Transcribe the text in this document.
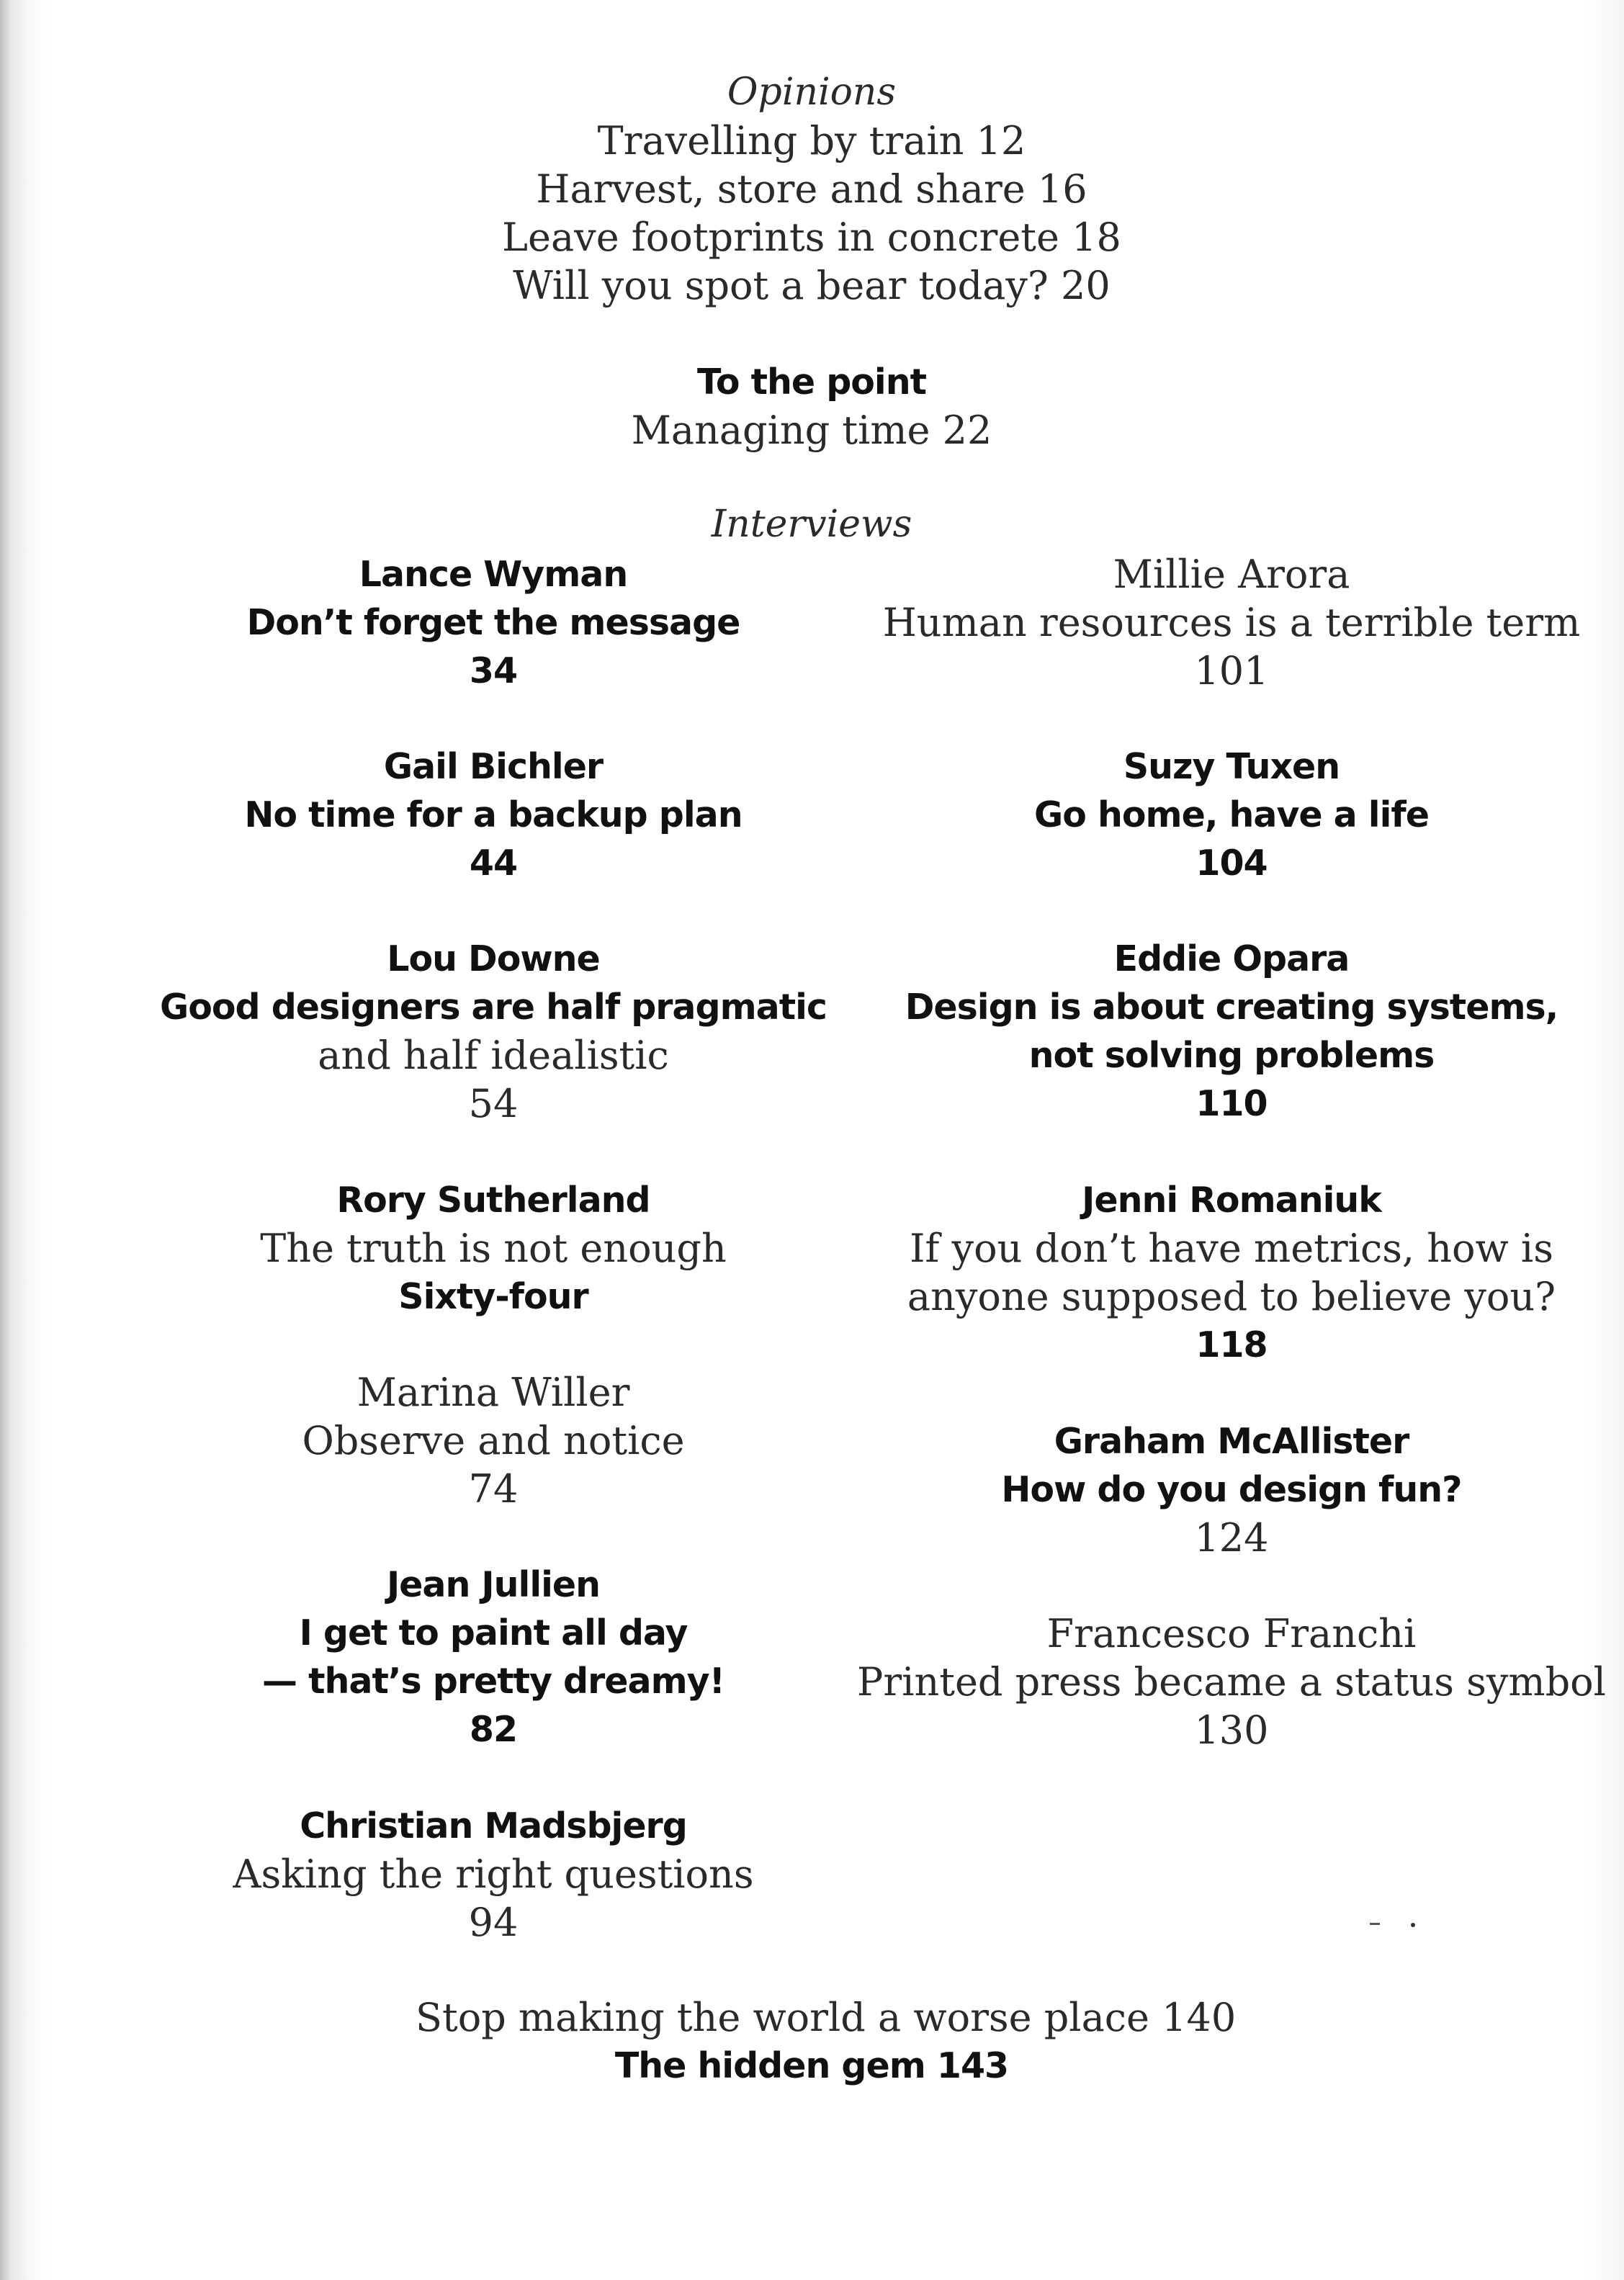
Opinions
Travelling by train 12
Harvest, store and share 16
Leave footprints in concrete 18
Will you spot a bear today? 20
To the point
Managing time 22
Interviews
Lance Wyman
Don’t forget the message
34
Gail Bichler
No time for a backup plan
44
Lou Downe
Good designers are half pragmatic
and half idealistic
54
Rory Sutherland
The truth is not enough
Sixty-four
Marina Willer
Observe and notice
74
Jean Jullien
I get to paint all day
— that’s pretty dreamy!
82
Christian Madsbjerg
Asking the right questions
94
Millie Arora
Human resources is a terrible term
101
Suzy Tuxen
Go home, have a life
104
Eddie Opara
Design is about creating systems,
not solving problems
110
Jenni Romaniuk
If you don’t have metrics, how is
anyone supposed to believe you?
118
Graham McAllister
How do you design fun?
124
Francesco Franchi
Printed press became a status symbol
130
Stop making the world a worse place 140
The hidden gem 143
